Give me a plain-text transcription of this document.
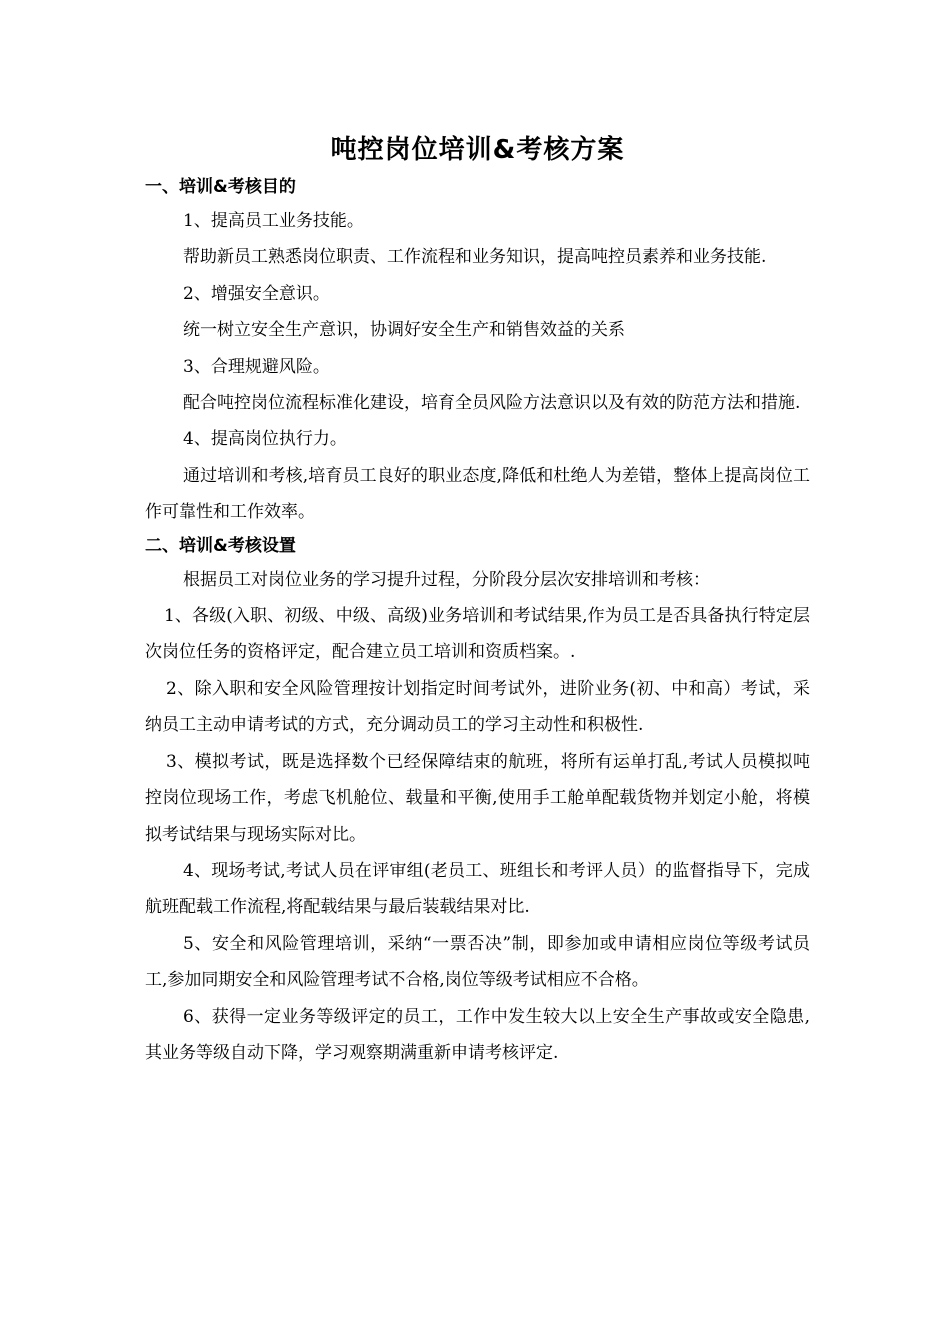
吨控岗位培训&考核方案
一、培训&考核目的

1、提高员工业务技能。

帮助新员工熟悉岗位职责、工作流程和业务知识，提高吨控员素养和业务技能.

2、增强安全意识。

统一树立安全生产意识，协调好安全生产和销售效益的关系

3、合理规避风险。

配合吨控岗位流程标准化建设，培育全员风险方法意识以及有效的防范方法和措施.

4、提高岗位执行力。

通过培训和考核,培育员工良好的职业态度,降低和杜绝人为差错，整体上提高岗位工作可靠性和工作效率。

二、培训&考核设置

根据员工对岗位业务的学习提升过程，分阶段分层次安排培训和考核：

1、各级(入职、初级、中级、高级)业务培训和考试结果,作为员工是否具备执行特定层次岗位任务的资格评定，配合建立员工培训和资质档案。.

2、除入职和安全风险管理按计划指定时间考试外，进阶业务(初、中和高）考试，采纳员工主动申请考试的方式，充分调动员工的学习主动性和积极性.

3、模拟考试，既是选择数个已经保障结束的航班，将所有运单打乱,考试人员模拟吨控岗位现场工作，考虑飞机舱位、载量和平衡,使用手工舱单配载货物并划定小舱，将模拟考试结果与现场实际对比。

4、现场考试,考试人员在评审组(老员工、班组长和考评人员）的监督指导下，完成航班配载工作流程,将配载结果与最后装载结果对比.

5、安全和风险管理培训，采纳“一票否决”制，即参加或申请相应岗位等级考试员工,参加同期安全和风险管理考试不合格,岗位等级考试相应不合格。

6、获得一定业务等级评定的员工，工作中发生较大以上安全生产事故或安全隐患,其业务等级自动下降，学习观察期满重新申请考核评定.
